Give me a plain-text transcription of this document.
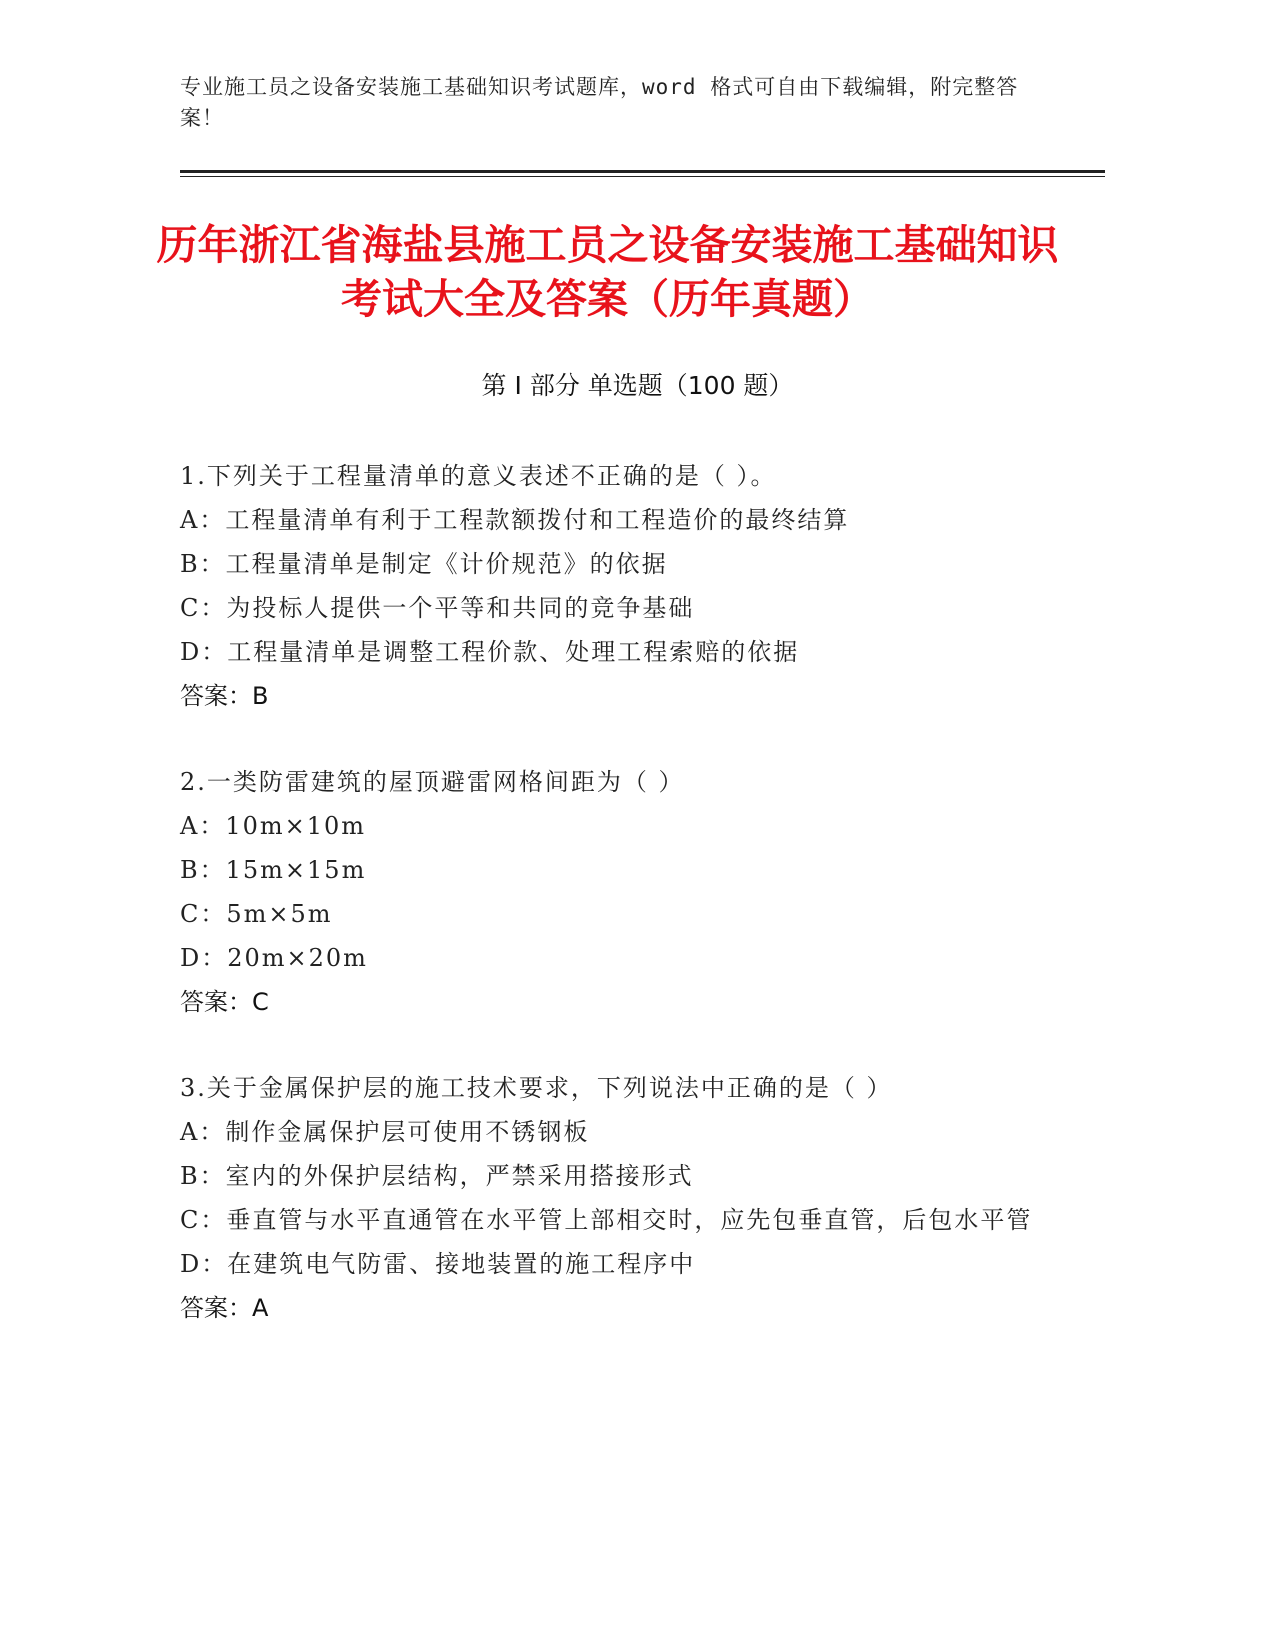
专业施工员之设备安装施工基础知识考试题库，word 格式可自由下载编辑，附完整答案！
历年浙江省海盐县施工员之设备安装施工基础知识考试大全及答案（历年真题）
第 I 部分 单选题（100 题）

1.下列关于工程量清单的意义表述不正确的是（ ）。

A：工程量清单有利于工程款额拨付和工程造价的最终结算

B：工程量清单是制定《计价规范》的依据

C：为投标人提供一个平等和共同的竞争基础

D：工程量清单是调整工程价款、处理工程索赔的依据

答案：B

2.一类防雷建筑的屋顶避雷网格间距为（ ）

A：10m×10m

B：15m×15m

C：5m×5m

D：20m×20m

答案：C

3.关于金属保护层的施工技术要求，下列说法中正确的是（ ）

A：制作金属保护层可使用不锈钢板

B：室内的外保护层结构，严禁采用搭接形式

C：垂直管与水平直通管在水平管上部相交时，应先包垂直管，后包水平管

D：在建筑电气防雷、接地装置的施工程序中

答案：A
